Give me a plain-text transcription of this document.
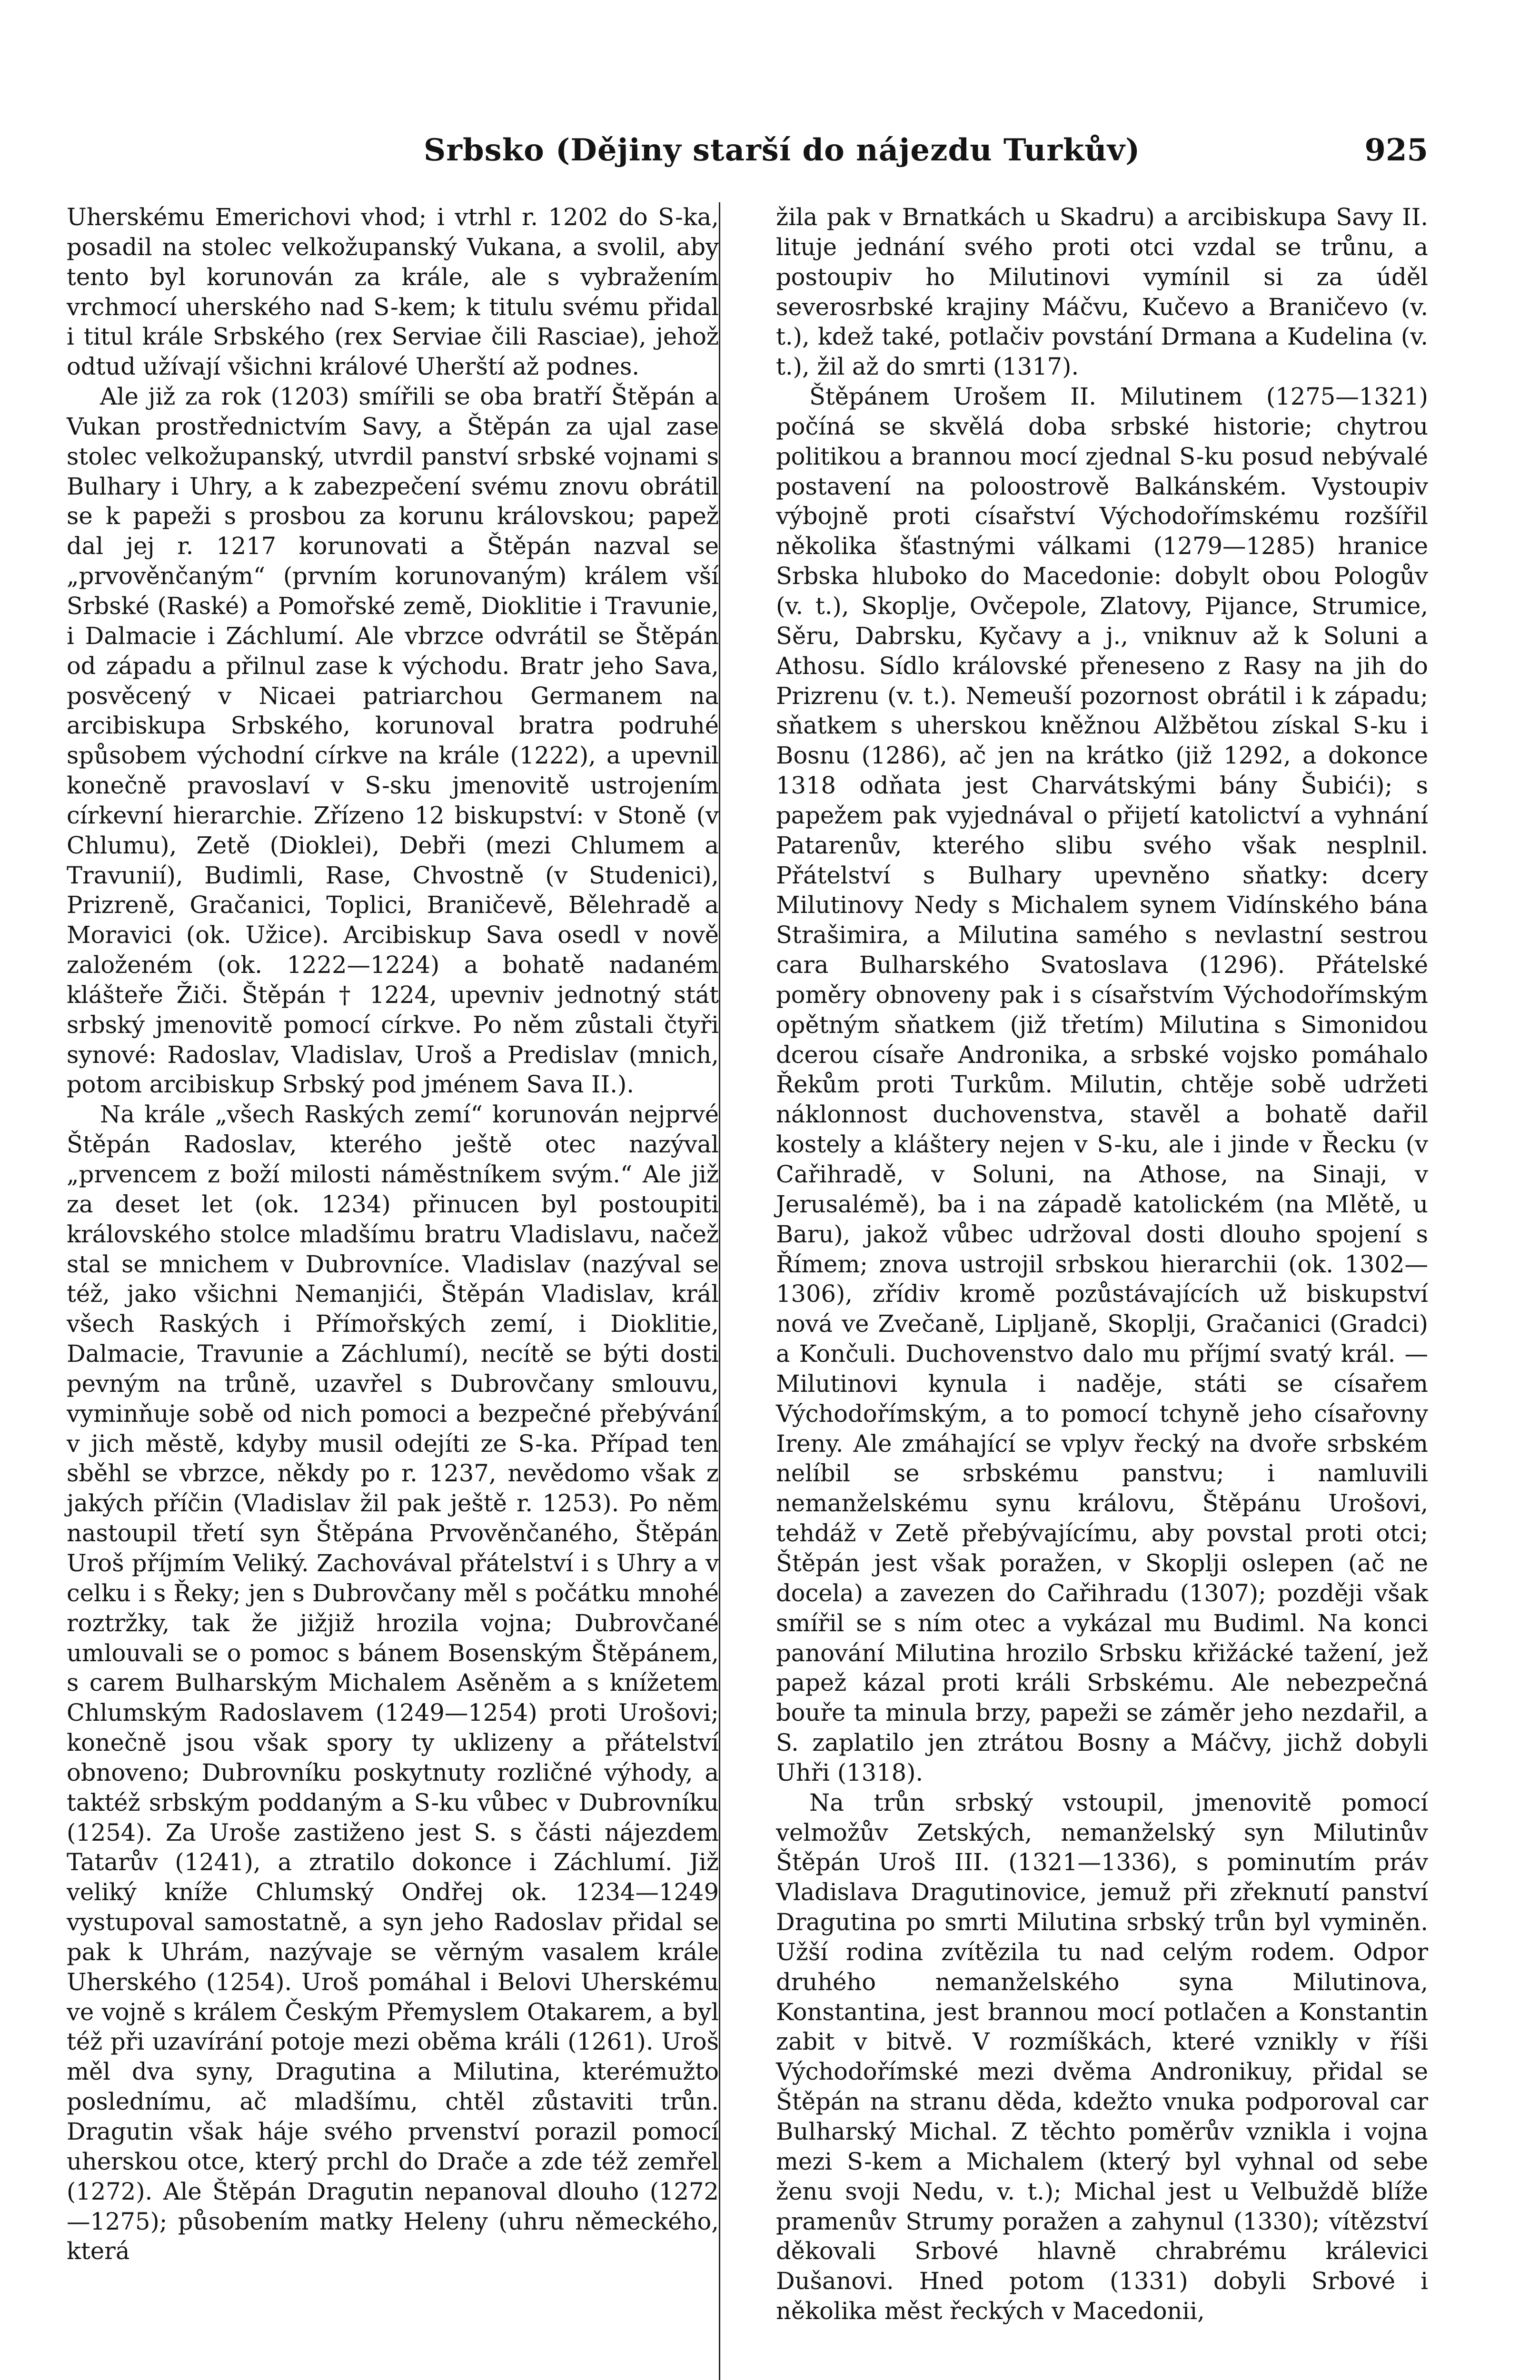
Srbsko (Dějiny starší do nájezdu Turkův)	925

Uherskému Emerichovi vhod; i vtrhl r. 1202 do S-ka, posadil na stolec velkožupanský Vukana, a svolil, aby tento byl korunován za krále, ale s vybražením vrchmocí uherského nad S-kem; k titulu svému přidal i titul krále Srbského (rex Serviae čili Rasciae), jehož odtud užívají všichni králové Uherští až podnes.

Ale již za rok (1203) smířili se oba bratří Štěpán a Vukan prostřednictvím Savy, a Štěpán za ujal zase stolec velkožupanský, utvrdil panství srbské vojnami s Bulhary i Uhry, a k zabezpečení svému znovu obrátil se k papeži s prosbou za korunu královskou; papež dal jej r. 1217 korunovati a Štěpán nazval se „prvověnčaným“ (prvním korunovaným) králem vší Srbské (Raské) a Pomořské země, Dioklitie i Travunie, i Dalmacie i Záchlumí. Ale vbrzce odvrátil se Štěpán od západu a přilnul zase k východu. Bratr jeho Sava, posvěcený v Nicaei patriarchou Germanem na arcibiskupa Srbského, korunoval bratra podruhé spůsobem východní církve na krále (1222), a upevnil konečně pravoslaví v S-sku jmenovitě ustrojením církevní hierarchie. Zřízeno 12 biskupství: v Stoně (v Chlumu), Zetě (Dioklei), Debři (mezi Chlumem a Travunií), Budimli, Rase, Chvostně (v Studenici), Prizreně, Gračanici, Toplici, Braničevě, Bělehradě a Moravici (ok. Užice). Arcibiskup Sava osedl v nově založeném (ok. 1222—1224) a bohatě nadaném klášteře Žiči. Štěpán † 1224, upevniv jednotný stát srbský jmenovitě pomocí církve. Po něm zůstali čtyři synové: Radoslav, Vladislav, Uroš a Predislav (mnich, potom arcibiskup Srbský pod jménem Sava II.).

Na krále „všech Raských zemí“ korunován nejprvé Štěpán Radoslav, kterého ještě otec nazýval „prvencem z boží milosti náměstníkem svým.“ Ale již za deset let (ok. 1234) přinucen byl postoupiti královského stolce mladšímu bratru Vladislavu, načež stal se mnichem v Dubrovníce. Vladislav (nazýval se též, jako všichni Nemanjići, Štěpán Vladislav, král všech Raských i Přímořských zemí, i Dioklitie, Dalmacie, Travunie a Záchlumí), necítě se býti dosti pevným na trůně, uzavřel s Dubrovčany smlouvu, vyminňuje sobě od nich pomoci a bezpečné přebývání v jich městě, kdyby musil odejíti ze S-ka. Případ ten sběhl se vbrzce, někdy po r. 1237, nevědomo však z jakých příčin (Vladislav žil pak ještě r. 1253). Po něm nastoupil třetí syn Štěpána Prvověnčaného, Štěpán Uroš příjmím Veliký. Zachovával přátelství i s Uhry a v celku i s Řeky; jen s Dubrovčany měl s počátku mnohé roztržky, tak že jižjiž hrozila vojna; Dubrovčané umlouvali se o pomoc s bánem Bosenským Štěpánem, s carem Bulharským Michalem Asěněm a s knížetem Chlumským Radoslavem (1249—1254) proti Urošovi; konečně jsou však spory ty uklizeny a přátelství obnoveno; Dubrovníku poskytnuty rozličné výhody, a taktéž srbským poddaným a S-ku vůbec v Dubrovníku (1254). Za Uroše zastiženo jest S. s části nájezdem Tatarův (1241), a ztratilo dokonce i Záchlumí. Již veliký kníže Chlumský Ondřej ok. 1234—1249 vystupoval samostatně, a syn jeho Radoslav přidal se pak k Uhrám, nazývaje se věrným vasalem krále Uherského (1254). Uroš pomáhal i Belovi Uherskému ve vojně s králem Českým Přemyslem Otakarem, a byl též při uzavírání potoje mezi oběma králi (1261). Uroš měl dva syny, Dragutina a Milutina, kterémužto poslednímu, ač mladšímu, chtěl zůstaviti trůn. Dragutin však háje svého prvenství porazil pomocí uherskou otce, který prchl do Drače a zde též zemřel (1272). Ale Štěpán Dragutin nepanoval dlouho (1272—1275); působením matky Heleny (uhru německého, která

žila pak v Brnatkách u Skadru) a arcibiskupa Savy II. lituje jednání svého proti otci vzdal se trůnu, a postoupiv ho Milutinovi vymínil si za úděl severosrbské krajiny Máčvu, Kučevo a Braničevo (v. t.), kdež také, potlačiv povstání Drmana a Kudelina (v. t.), žil až do smrti (1317).

Štěpánem Urošem II. Milutinem (1275—1321) počíná se skvělá doba srbské historie; chytrou politikou a brannou mocí zjednal S-ku posud nebývalé postavení na poloostrově Balkánském. Vystoupiv výbojně proti císařství Východořímskému rozšířil několika šťastnými válkami (1279—1285) hranice Srbska hluboko do Macedonie: dobylt obou Pologův (v. t.), Skoplje, Ovčepole, Zlatovy, Pijance, Strumice, Sěru, Dabrsku, Kyčavy a j., vniknuv až k Soluni a Athosu. Sídlo královské přeneseno z Rasy na jih do Prizrenu (v. t.). Nemeuší pozornost obrátil i k západu; sňatkem s uherskou kněžnou Alžbětou získal S-ku i Bosnu (1286), ač jen na krátko (již 1292, a dokonce 1318 odňata jest Charvátskými bány Šubići); s papežem pak vyjednával o přijetí katolictví a vyhnání Patarenův, kterého slibu svého však nesplnil. Přátelství s Bulhary upevněno sňatky: dcery Milutinovy Nedy s Michalem synem Vidínského bána Strašimira, a Milutina samého s nevlastní sestrou cara Bulharského Svatoslava (1296). Přátelské poměry obnoveny pak i s císařstvím Východořímským opětným sňatkem (již třetím) Milutina s Simonidou dcerou císaře Andronika, a srbské vojsko pomáhalo Řekům proti Turkům. Milutin, chtěje sobě udržeti náklonnost duchovenstva, stavěl a bohatě dařil kostely a kláštery nejen v S-ku, ale i jinde v Řecku (v Cařihradě, v Soluni, na Athose, na Sinaji, v Jerusalémě), ba i na západě katolickém (na Mlětě, u Baru), jakož vůbec udržoval dosti dlouho spojení s Římem; znova ustrojil srbskou hierarchii (ok. 1302—1306), zřídiv kromě pozůstávajících už biskupství nová ve Zvečaně, Lipljaně, Skoplji, Gračanici (Gradci) a Končuli. Duchovenstvo dalo mu příjmí svatý král. — Milutinovi kynula i naděje, státi se císařem Východořímským, a to pomocí tchyně jeho císařovny Ireny. Ale zmáhající se vplyv řecký na dvoře srbském nelíbil se srbskému panstvu; i namluvili nemanželskému synu královu, Štěpánu Urošovi, tehdáž v Zetě přebývajícímu, aby povstal proti otci; Štěpán jest však poražen, v Skoplji oslepen (ač ne docela) a zavezen do Cařihradu (1307); později však smířil se s ním otec a vykázal mu Budiml. Na konci panování Milutina hrozilo Srbsku křižácké tažení, jež papež kázal proti králi Srbskému. Ale nebezpečná bouře ta minula brzy, papeži se záměr jeho nezdařil, a S. zaplatilo jen ztrátou Bosny a Máčvy, jichž dobyli Uhři (1318).

Na trůn srbský vstoupil, jmenovitě pomocí velmožův Zetských, nemanželský syn Milutinův Štěpán Uroš III. (1321—1336), s pominutím práv Vladislava Dragutinovice, jemuž při zřeknutí panství Dragutina po smrti Milutina srbský trůn byl vyminěn. Užší rodina zvítězila tu nad celým rodem. Odpor druhého nemanželského syna Milutinova, Konstantina, jest brannou mocí potlačen a Konstantin zabit v bitvě. V rozmíškách, které vznikly v říši Východořímské mezi dvěma Andronikuy, přidal se Štěpán na stranu děda, kdežto vnuka podporoval car Bulharský Michal. Z těchto poměrův vznikla i vojna mezi S-kem a Michalem (který byl vyhnal od sebe ženu svoji Nedu, v. t.); Michal jest u Velbuždě blíže pramenův Strumy poražen a zahynul (1330); vítězství děkovali Srbové hlavně chrabrému králevici Dušanovi. Hned potom (1331) dobyli Srbové i několika měst řeckých v Macedonii,
